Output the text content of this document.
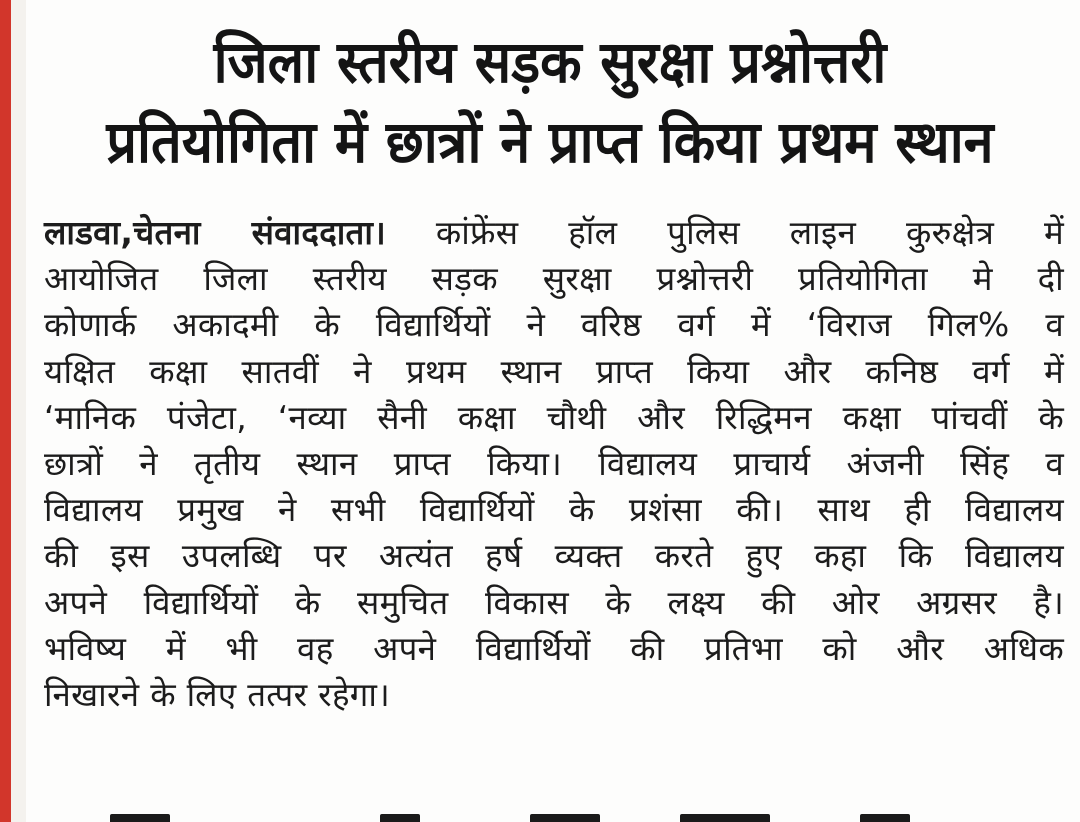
जिला स्तरीय सड़क सुरक्षा प्रश्नोत्तरी
प्रतियोगिता में छात्रों ने प्राप्त किया प्रथम स्थान
लाडवा,चेतना संवाददाता। कांफ्रेंस हॉल पुलिस लाइन कुरुक्षेत्र में
आयोजित जिला स्तरीय सड़क सुरक्षा प्रश्नोत्तरी प्रतियोगिता मे दी
कोणार्क अकादमी के विद्यार्थियों ने वरिष्ठ वर्ग में ‘विराज गिल% व
यक्षित कक्षा सातवीं ने प्रथम स्थान प्राप्त किया और कनिष्ठ वर्ग में
‘मानिक पंजेटा, ‘नव्या सैनी कक्षा चौथी और रिद्धिमन कक्षा पांचवीं के
छात्रों ने तृतीय स्थान प्राप्त किया। विद्यालय प्राचार्य अंजनी सिंह व
विद्यालय प्रमुख ने सभी विद्यार्थियों के प्रशंसा की। साथ ही विद्यालय
की इस उपलब्धि पर अत्यंत हर्ष व्यक्त करते हुए कहा कि विद्यालय
अपने विद्यार्थियों के समुचित विकास के लक्ष्य की ओर अग्रसर है।
भविष्य में भी वह अपने विद्यार्थियों की प्रतिभा को और अधिक
निखारने के लिए तत्पर रहेगा।
